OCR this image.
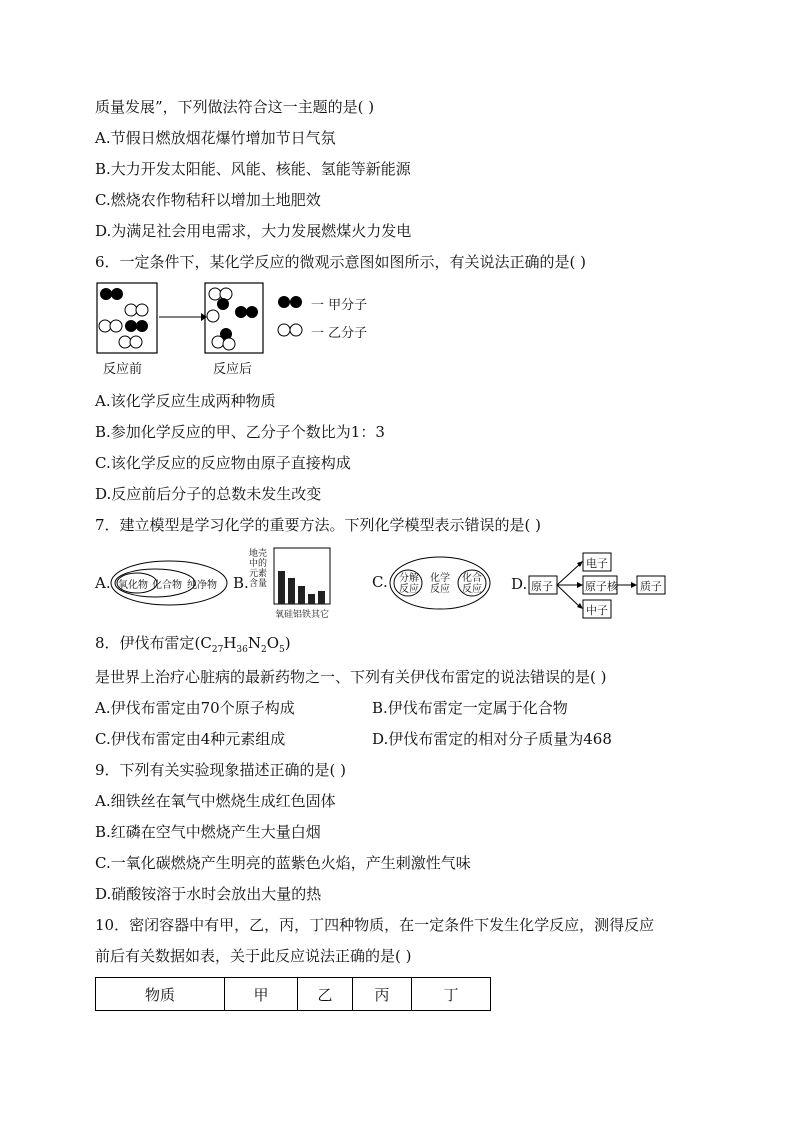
质量发展”，下列做法符合这一主题的是( )
A.节假日燃放烟花爆竹增加节日气氛
B.大力开发太阳能、风能、核能、氢能等新能源
C.燃烧农作物秸秆以增加土地肥效
D.为满足社会用电需求，大力发展燃煤火力发电
6．一定条件下，某化学反应的微观示意图如图所示，有关说法正确的是( )
反应前	反应后
一 甲分子
一 乙分子
A.该化学反应生成两种物质
B.参加化学反应的甲、乙分子个数比为1：3
C.该化学反应的反应物由原子直接构成
D.反应前后分子的总数未发生改变
7．建立模型是学习化学的重要方法。下列化学模型表示错误的是( )
A. 氧化物 化合物 纯净物 B.
地壳中的元素含量
氧硅铝铁其它
C. 分解反应
化学反应
化合反应 D. 原子
电子
原子核
中子
质子
8．伊伐布雷定$(C_{27}H_{36}N_2O_5)$
是世界上治疗心脏病的最新药物之一、下列有关伊伐布雷定的说法错误的是( )
A.伊伐布雷定由70个原子构成	B.伊伐布雷定一定属于化合物
C.伊伐布雷定由4种元素组成	D.伊伐布雷定的相对分子质量为468
9．下列有关实验现象描述正确的是( )
A.细铁丝在氧气中燃烧生成红色固体
B.红磷在空气中燃烧产生大量白烟
C.一氧化碳燃烧产生明亮的蓝紫色火焰，产生刺激性气味
D.硝酸铵溶于水时会放出大量的热
10．密闭容器中有甲，乙，丙，丁四种物质，在一定条件下发生化学反应，测得反应
前后有关数据如表，关于此反应说法正确的是( )
物质	甲	乙	丙	丁
